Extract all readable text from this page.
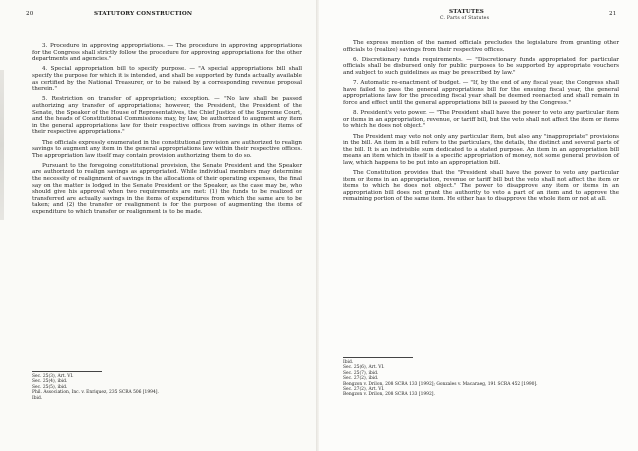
20	STATUTORY CONSTRUCTION

3. Procedure in approving appropriations. — The procedure in approving appropriations for the Congress shall strictly follow the procedure for approving appropriations for the other departments and agencies."

4. Special appropriation bill to specify purpose. — "A special appropriations bill shall specify the purpose for which it is intended, and shall be supported by funds actually available as certified by the National Treasurer, or to be raised by a corresponding revenue proposal therein."

5. Restriction on transfer of appropriation; exception. — "No law shall be passed authorizing any transfer of appropriations; however, the President, the President of the Senate, the Speaker of the House of Representatives, the Chief Justice of the Supreme Court, and the heads of Constitutional Commissions may, by law, be authorized to augment any item in the general appropriations law for their respective offices from savings in other items of their respective appropriations."

The officials expressly enumerated in the constitutional provision are authorized to realign savings to augment any item in the general appropriations law within their respective offices. The appropriation law itself may contain provision authorizing them to do so.

Pursuant to the foregoing constitutional provision, the Senate President and the Speaker are authorized to realign savings as appropriated. While individual members may determine the necessity of realignment of savings in the allocations of their operating expenses, the final say on the matter is lodged in the Senate President or the Speaker, as the case may be, who should give his approval when two requirements are met: (1) the funds to be realized or transferred are actually savings in the items of expenditures from which the same are to be taken; and (2) the transfer or realignment is for the purpose of augmenting the items of expenditure to which transfer or realignment is to be made.

Sec. 25(3), Art. VI.
Sec. 25(4), ibid.
Sec. 25(5), ibid.
Phil. Association, Inc. v. Enriquez, 235 SCRA 506 [1994].
Ibid.
STATUTES
C. Parts of Statutes
21

The express mention of the named officials precludes the legislature from granting other officials to (realize) savings from their respective offices.

6. Discretionary funds requirements. — "Discretionary funds appropriated for particular officials shall be disbursed only for public purposes to be supported by appropriate vouchers and subject to such guidelines as may be prescribed by law."

7. Automatic re-enactment of budget. — "If, by the end of any fiscal year, the Congress shall have failed to pass the general appropriations bill for the ensuing fiscal year, the general appropriations law for the preceding fiscal year shall be deemed reenacted and shall remain in force and effect until the general appropriations bill is passed by the Congress."

8. President's veto power. — "The President shall have the power to veto any particular item or items in an appropriation, revenue, or tariff bill, but the veto shall not affect the item or items to which he does not object."

The President may veto not only any particular item, but also any "inappropriate" provisions in the bill. An item in a bill refers to the particulars, the details, the distinct and several parts of the bill. It is an indivisible sum dedicated to a stated purpose. An item in an appropriation bill means an item which in itself is a specific appropriation of money, not some general provision of law, which happens to be put into an appropriation bill.

The Constitution provides that the "President shall have the power to veto any particular item or items in an appropriation, revenue or tariff bill but the veto shall not affect the item or items to which he does not object." The power to disapprove any item or items in an appropriation bill does not grant the authority to veto a part of an item and to approve the remaining portion of the same item. He either has to disapprove the whole item or not at all.

Ibid.
Sec. 25(6), Art. VI.
Sec. 25(7), ibid.
Sec. 27(2), ibid.
Bengzon v. Drilon, 208 SCRA 133 [1992]; Gonzales v. Macaraeg, 191 SCRA 452 [1990].
Sec. 27(2), Art. VI.
Bengzon v. Drilon, 208 SCRA 133 [1992].
